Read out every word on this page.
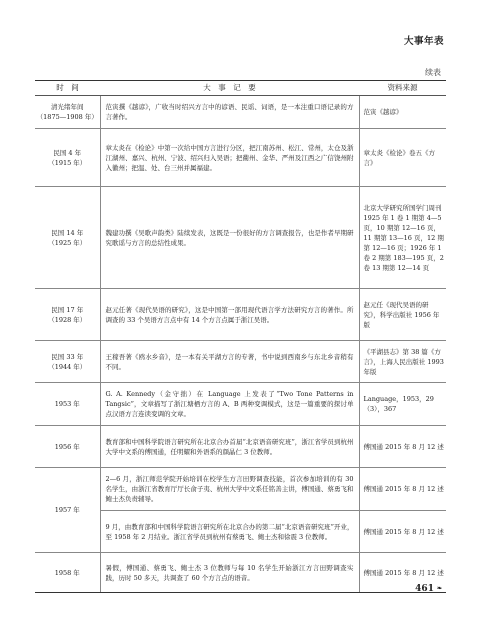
大事年表
续表
时　间	大　事　记　要	资料来源
清光绪年间
（1875—1908 年）	范寅撰《越谚》，广收当时绍兴方言中的谚语、民谣、词语，是一本注重口语记录的方言著作。	范寅《越谚》
民国 4 年
（1915 年）	章太炎在《检论》中第一次给中国方言进行分区，把江南苏州、松江、常州，太仓及浙江湖州、嘉兴、杭州、宁波、绍兴归入吴语；把衢州、金华、严州及江西之广信饶州附入徽州；把温、处、台三州并属福建。	章太炎《检论》卷五《方言》
民国 14 年
（1925 年）	魏建功撰《吴歌声韵类》陆续发表，这既是一份很好的方言调查报告，也是作者早期研究歌谣与方言的总结性成果。	北京大学研究所国学门周刊 1925 年 1 卷 1 期第 4—5 页，10 期第 12—16 页，11 期第 13—16 页，12 期第 12—16 页；1926 年 1 卷 2 期第 183—195 页，2 卷 13 期第 12—14 页
民国 17 年
（1928 年）	赵元任著《现代吴语的研究》，这是中国第一部用现代语言学方法研究方言的著作。所调查的 33 个吴语方言点中有 14 个方言点属于浙江吴语。	赵元任《现代吴语的研究》，科学出版社 1956 年版
民国 33 年
（1944 年）	王稼吾著《鸥水乡音》，是一本有关平湖方言的专著，书中说到西南乡与东北乡音稍有不同。	《平湖县志》第 38 篇《方言》，上海人民出版社 1993 年版
1953 年	G. A. Kennedy（金守拙）在 Language 上发表了“Two Tone Patterns in Tangsic”，文章描写了浙江塘栖方言的 A、B 两种变调模式，这是一篇重要的探讨单点汉语方言连读变调的文章。	Language，1953，29（3），367
1956 年	教育部和中国科学院语言研究所在北京合办首届“北京语音研究班”，浙江省学员到杭州大学中文系的傅国通，任明耀和外语系的颜晶仁 3 位教师。	傅国通 2015 年 8 月 12 述
1957 年	2—6 月，浙江师范学院开始培训在校学生方言田野调查技能，首次参加培训的有 30 名学生，由浙江省教育厅厅长俞子夷、杭州大学中文系任铭善主讲，傅国通、蔡勇飞和鲍士杰负责辅导。	傅国通 2015 年 8 月 12 述
	9 月，由教育部和中国科学院语言研究所在北京合办的第二届“北京语音研究班”开业，至 1958 年 2 月结业。浙江省学员到杭州有蔡勇飞、鲍士杰和徐震 3 位教师。	傅国通 2015 年 8 月 12 述
1958 年	暑假，傅国通、蔡勇飞、鲍士杰 3 位教师与每 10 名学生开始浙江方言田野调查实践，历时 50 多天，共调查了 60 个方言点的语音。	傅国通 2015 年 8 月 12 述
461 ❧
